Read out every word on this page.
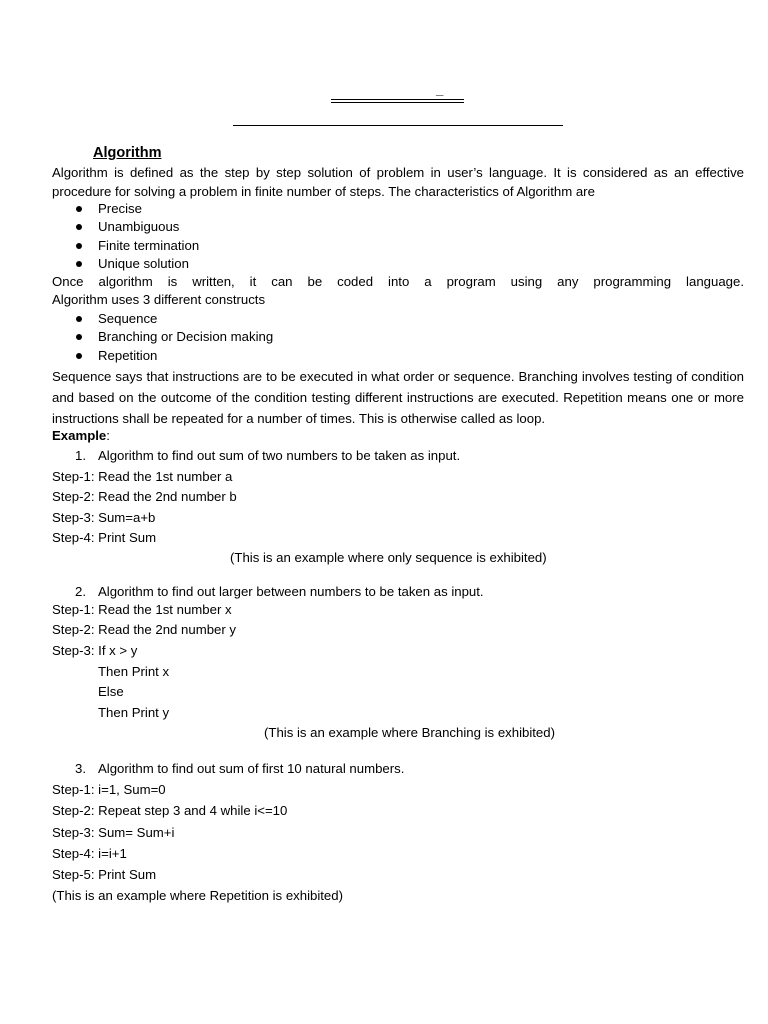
_
Algorithm
Algorithm is defined as the step by step solution of problem in user’s language. It is considered as an effective procedure for solving a problem in finite number of steps. The characteristics of Algorithm are
Precise
Unambiguous
Finite termination
Unique solution
Once algorithm is written, it can be coded into a program using any programming language.
Algorithm uses 3 different constructs
Sequence
Branching or Decision making
Repetition
Sequence says that instructions are to be executed in what order or sequence. Branching involves testing of condition and based on the outcome of the condition testing different instructions are executed. Repetition means one or more instructions shall be repeated for a number of times. This is otherwise called as loop.
Example:
1. Algorithm to find out sum of two numbers to be taken as input.
Step-1: Read the 1st number a
Step-2: Read the 2nd number b
Step-3: Sum=a+b
Step-4: Print Sum
(This is an example where only sequence is exhibited)
2. Algorithm to find out larger between numbers to be taken as input.
Step-1: Read the 1st number x
Step-2: Read the 2nd number y
Step-3: If x > y
Then Print x
Else
Then Print y
(This is an example where Branching is exhibited)
3. Algorithm to find out sum of first 10 natural numbers.
Step-1: i=1, Sum=0
Step-2: Repeat step 3 and 4 while i<=10
Step-3: Sum= Sum+i
Step-4: i=i+1
Step-5: Print Sum
(This is an example where Repetition is exhibited)
